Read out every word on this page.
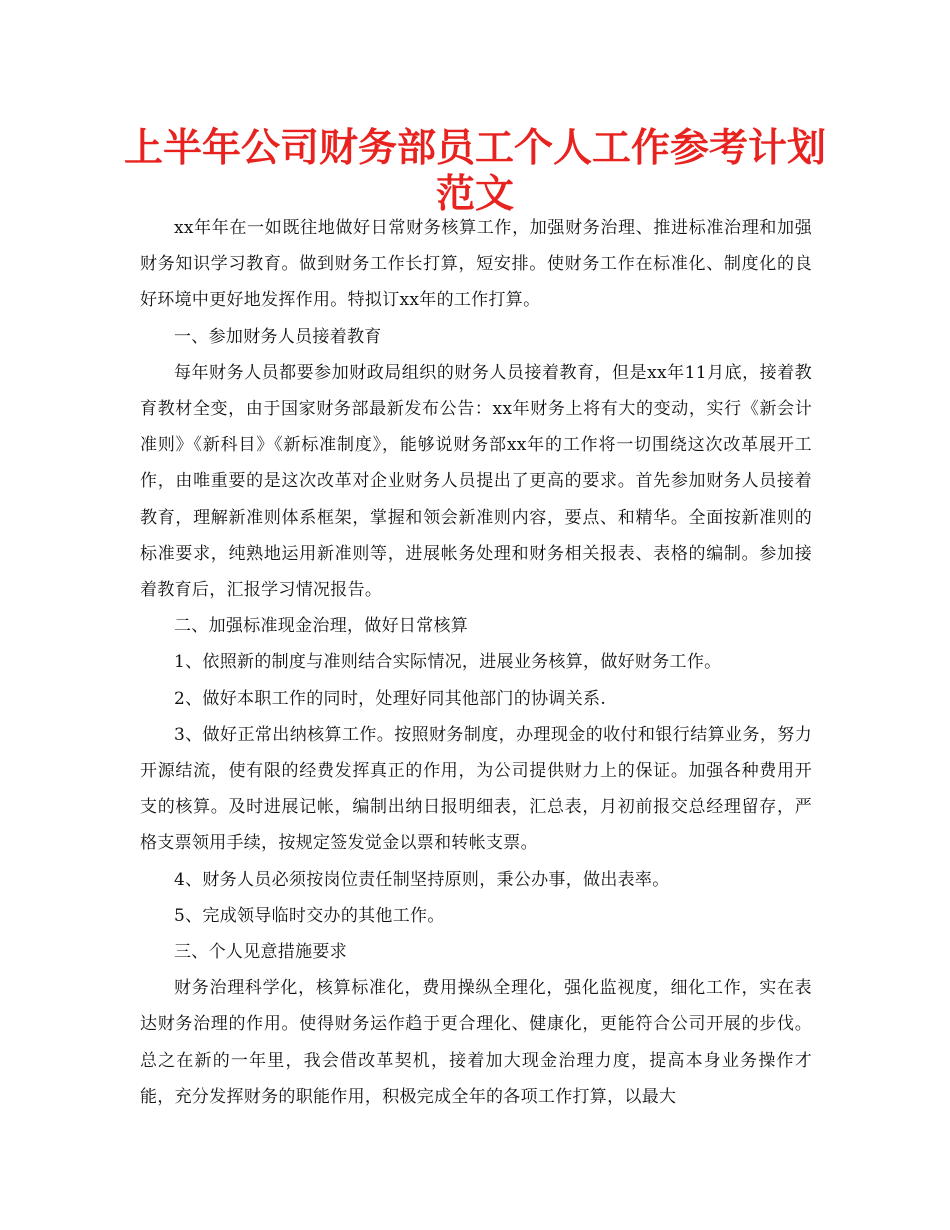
上半年公司财务部员工个人工作参考计划
范文

xx年年在一如既往地做好日常财务核算工作，加强财务治理、推进标准治理和加强财务知识学习教育。做到财务工作长打算，短安排。使财务工作在标准化、制度化的良好环境中更好地发挥作用。特拟订xx年的工作打算。

一、参加财务人员接着教育

每年财务人员都要参加财政局组织的财务人员接着教育，但是xx年11月底，接着教育教材全变，由于国家财务部最新发布公告：xx年财务上将有大的变动，实行《新会计准则》《新科目》《新标准制度》，能够说财务部xx年的工作将一切围绕这次改革展开工作，由唯重要的是这次改革对企业财务人员提出了更高的要求。首先参加财务人员接着教育，理解新准则体系框架，掌握和领会新准则内容，要点、和精华。全面按新准则的标准要求，纯熟地运用新准则等，进展帐务处理和财务相关报表、表格的编制。参加接着教育后，汇报学习情况报告。

二、加强标准现金治理，做好日常核算

1、依照新的制度与准则结合实际情况，进展业务核算，做好财务工作。

2、做好本职工作的同时，处理好同其他部门的协调关系.

3、做好正常出纳核算工作。按照财务制度，办理现金的收付和银行结算业务，努力开源结流，使有限的经费发挥真正的作用，为公司提供财力上的保证。加强各种费用开支的核算。及时进展记帐，编制出纳日报明细表，汇总表，月初前报交总经理留存，严格支票领用手续，按规定签发觉金以票和转帐支票。

4、财务人员必须按岗位责任制坚持原则，秉公办事，做出表率。

5、完成领导临时交办的其他工作。

三、个人见意措施要求

财务治理科学化，核算标准化，费用操纵全理化，强化监视度，细化工作，实在表达财务治理的作用。使得财务运作趋于更合理化、健康化，更能符合公司开展的步伐。总之在新的一年里，我会借改革契机，接着加大现金治理力度，提高本身业务操作才能，充分发挥财务的职能作用，积极完成全年的各项工作打算，以最大
